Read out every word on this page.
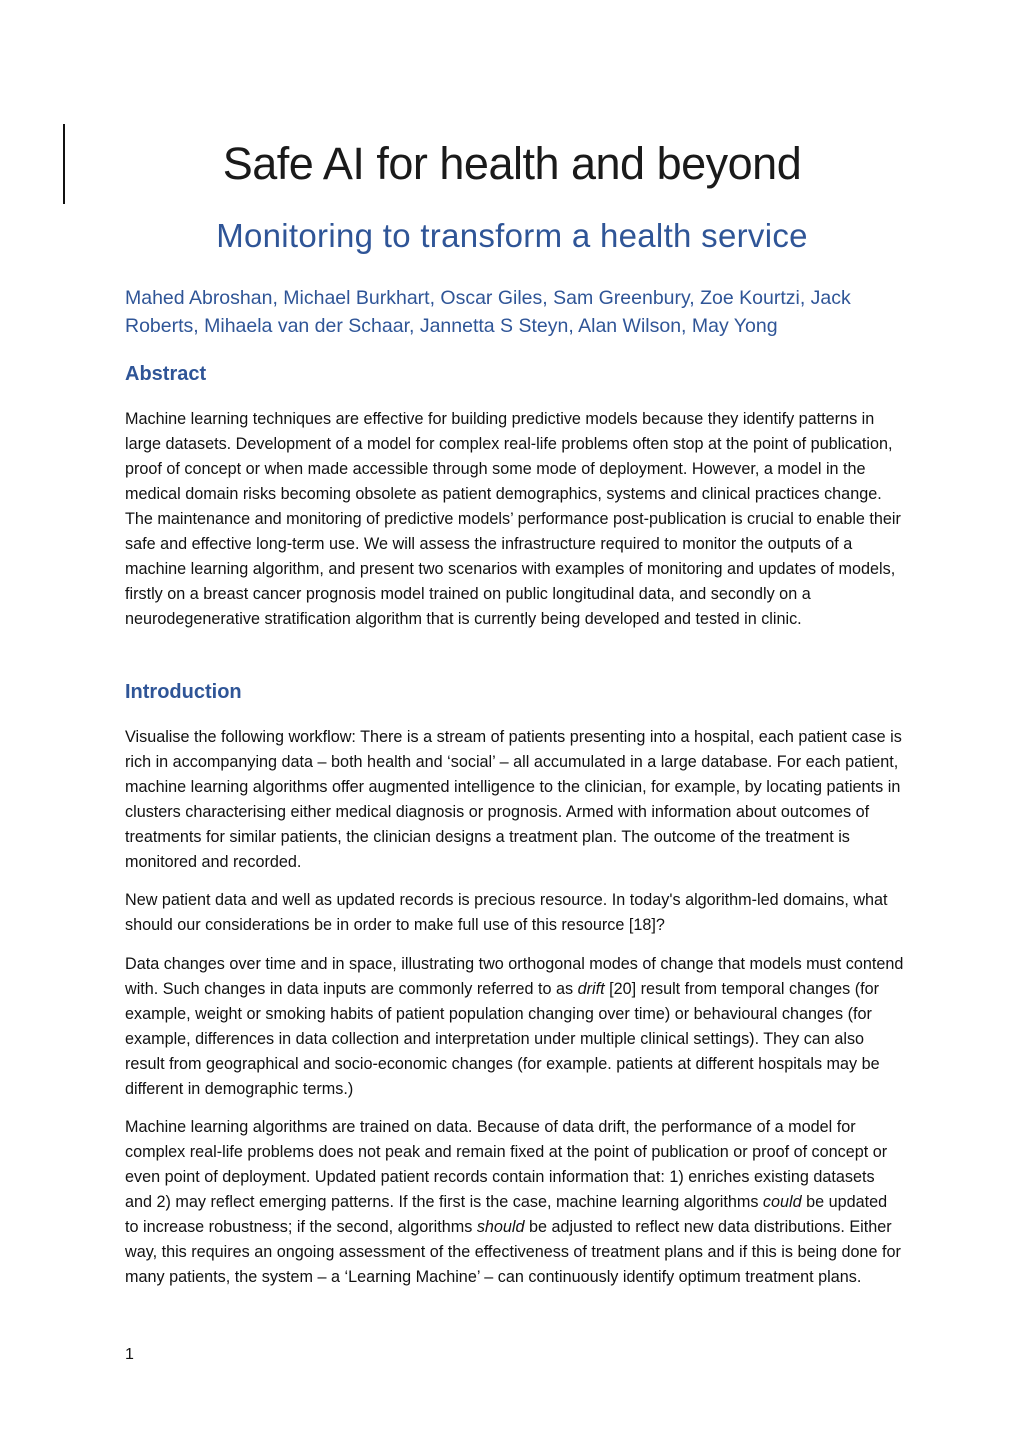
Safe AI for health and beyond
Monitoring to transform a health service

Mahed Abroshan, Michael Burkhart, Oscar Giles, Sam Greenbury, Zoe Kourtzi, Jack Roberts, Mihaela van der Schaar, Jannetta S Steyn, Alan Wilson, May Yong

Abstract

Machine learning techniques are effective for building predictive models because they identify patterns in large datasets. Development of a model for complex real-life problems often stop at the point of publication, proof of concept or when made accessible through some mode of deployment. However, a model in the medical domain risks becoming obsolete as patient demographics, systems and clinical practices change. The maintenance and monitoring of predictive models’ performance post-publication is crucial to enable their safe and effective long-term use. We will assess the infrastructure required to monitor the outputs of a machine learning algorithm, and present two scenarios with examples of monitoring and updates of models, firstly on a breast cancer prognosis model trained on public longitudinal data, and secondly on a neurodegenerative stratification algorithm that is currently being developed and tested in clinic.

Introduction

Visualise the following workflow: There is a stream of patients presenting into a hospital, each patient case is rich in accompanying data – both health and ‘social’ – all accumulated in a large database. For each patient, machine learning algorithms offer augmented intelligence to the clinician, for example, by locating patients in clusters characterising either medical diagnosis or prognosis. Armed with information about outcomes of treatments for similar patients, the clinician designs a treatment plan. The outcome of the treatment is monitored and recorded.

New patient data and well as updated records is precious resource. In today's algorithm-led domains, what should our considerations be in order to make full use of this resource [18]?

Data changes over time and in space, illustrating two orthogonal modes of change that models must contend with. Such changes in data inputs are commonly referred to as drift [20] result from temporal changes (for example, weight or smoking habits of patient population changing over time) or behavioural changes (for example, differences in data collection and interpretation under multiple clinical settings). They can also result from geographical and socio-economic changes (for example. patients at different hospitals may be different in demographic terms.)

Machine learning algorithms are trained on data. Because of data drift, the performance of a model for complex real-life problems does not peak and remain fixed at the point of publication or proof of concept or even point of deployment. Updated patient records contain information that: 1) enriches existing datasets and 2) may reflect emerging patterns. If the first is the case, machine learning algorithms could be updated to increase robustness; if the second, algorithms should be adjusted to reflect new data distributions. Either way, this requires an ongoing assessment of the effectiveness of treatment plans and if this is being done for many patients, the system – a ‘Learning Machine’ – can continuously identify optimum treatment plans.

1
